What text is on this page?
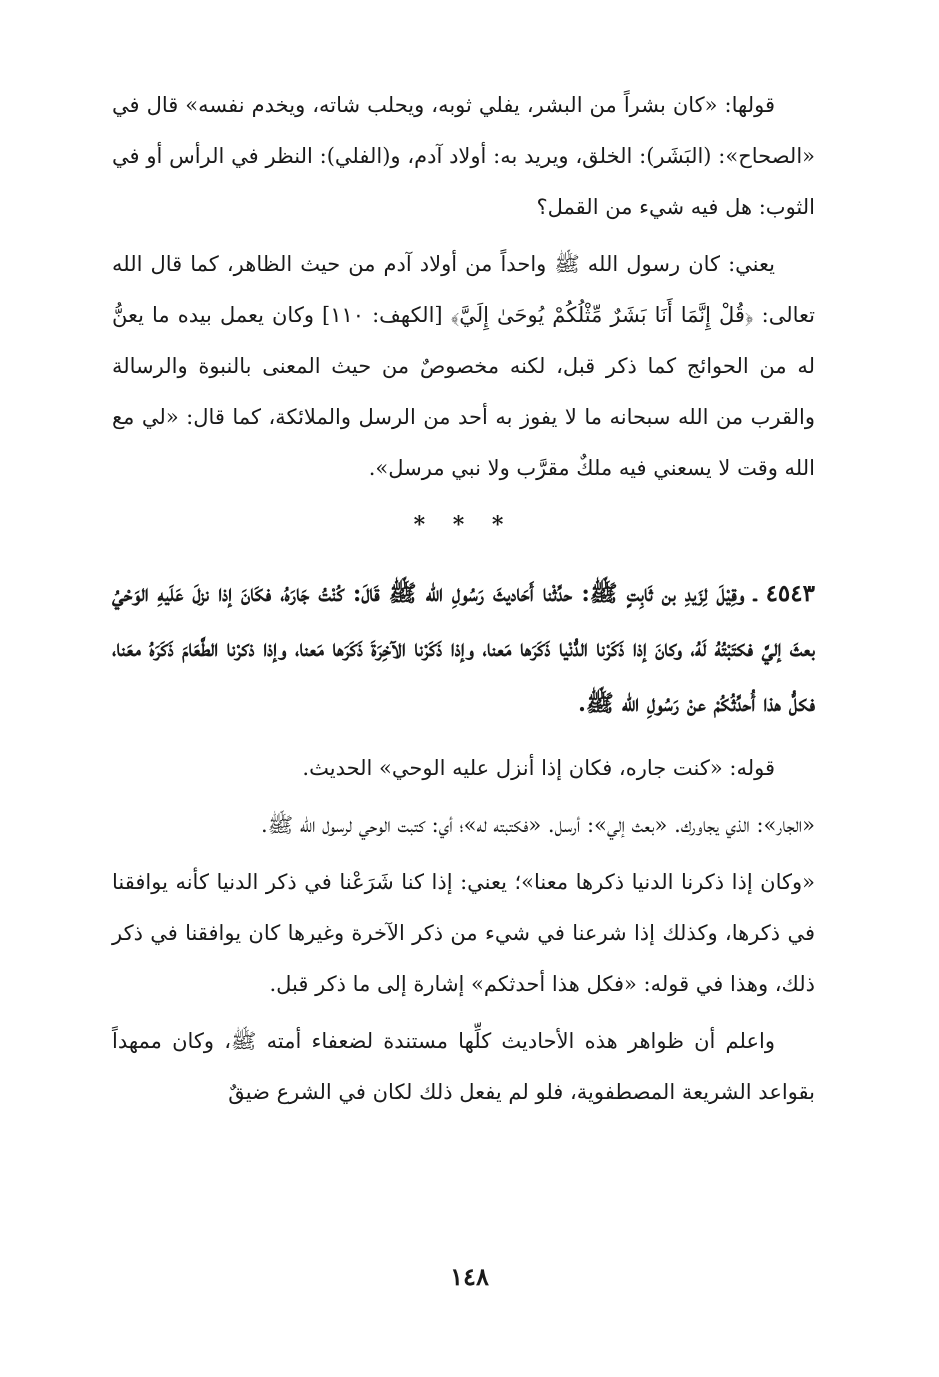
قولها: «كان بشراً من البشر، يفلي ثوبه، ويحلب شاته، ويخدم نفسه» قال في «الصحاح»: (البَشَر): الخلق، ويريد به: أولاد آدم، و(الفلي): النظر في الرأس أو في الثوب: هل فيه شيء من القمل؟

يعني: كان رسول الله ﷺ واحداً من أولاد آدم من حيث الظاهر، كما قال الله تعالى: ﴿قُلْ إِنَّمَا أَنَا بَشَرٌ مِّثْلُكُمْ يُوحَىٰ إِلَيَّ﴾ [الكهف: ١١٠] وكان يعمل بيده ما يعنُّ له من الحوائج كما ذكر قبل، لكنه مخصوصٌ من حيث المعنى بالنبوة والرسالة والقرب من الله سبحانه ما لا يفوز به أحد من الرسل والملائكة، كما قال: «لي مع الله وقت لا يسعني فيه ملكٌ مقرَّب ولا نبي مرسل».

* * *

٤٥٤٣ ـ وقِيْلَ لِزَيدِ بن ثَابِتٍ ﷺ: حدِّثْنا أَحَاديثَ رَسُولِ الله ﷺ قَالَ: كُنْتُ جَارَهُ، فكَانَ إذا نزلَ عَلَيهِ الوَحْيُ بعثَ إليَّ فكتَبْتُهُ لَهُ، وكانَ إذا ذَكَرْنا الدُّنْيا ذَكَرَها مَعنا، وإذا ذَكَرْنا الآخِرَةَ ذَكَرَها مَعنا، وإذا ذكرْنا الطَّعَامَ ذَكَرَهُ معَنا، فكلُّ هذا أُحدِّثُكُمْ عنْ رَسُولِ الله ﷺ.

قوله: «كنت جاره، فكان إذا أنزل عليه الوحي» الحديث.

«الجار»: الذي يجاورك. «بعث إلي»: أرسل. «فكتبته له»؛ أي: كتبت الوحي لرسول الله ﷺ.

«وكان إذا ذكرنا الدنيا ذكرها معنا»؛ يعني: إذا كنا شَرَعْنا في ذكر الدنيا كأنه يوافقنا في ذكرها، وكذلك إذا شرعنا في شيء من ذكر الآخرة وغيرها كان يوافقنا في ذكر ذلك، وهذا في قوله: «فكل هذا أحدثكم» إشارة إلى ما ذكر قبل.

واعلم أن ظواهر هذه الأحاديث كلِّها مستندة لضعفاء أمته ﷺ، وكان ممهداً بقواعد الشريعة المصطفوية، فلو لم يفعل ذلك لكان في الشرع ضيقٌ

١٤٨
